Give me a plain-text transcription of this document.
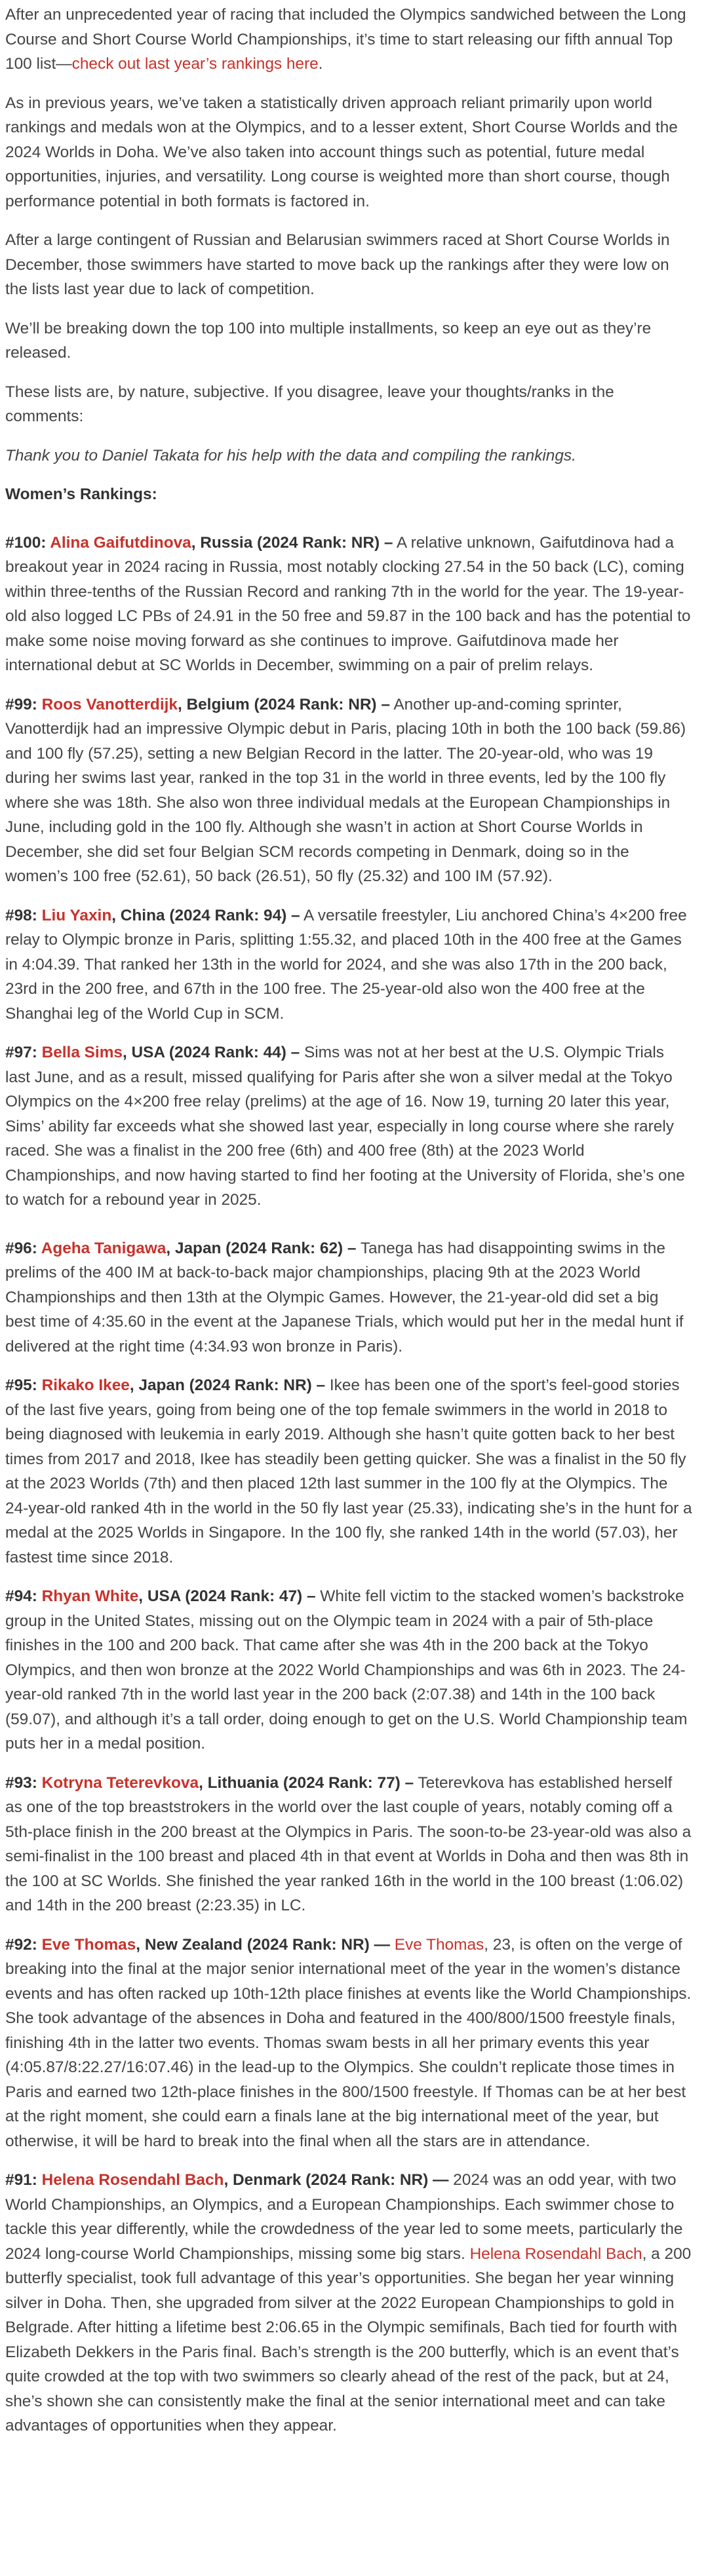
After an unprecedented year of racing that included the Olympics sandwiched between the Long Course and Short Course World Championships, it’s time to start releasing our fifth annual Top 100 list—check out last year’s rankings here.

As in previous years, we’ve taken a statistically driven approach reliant primarily upon world rankings and medals won at the Olympics, and to a lesser extent, Short Course Worlds and the 2024 Worlds in Doha. We’ve also taken into account things such as potential, future medal opportunities, injuries, and versatility. Long course is weighted more than short course, though performance potential in both formats is factored in.

After a large contingent of Russian and Belarusian swimmers raced at Short Course Worlds in December, those swimmers have started to move back up the rankings after they were low on the lists last year due to lack of competition.

We’ll be breaking down the top 100 into multiple installments, so keep an eye out as they’re released.

These lists are, by nature, subjective. If you disagree, leave your thoughts/ranks in the comments:

Thank you to Daniel Takata for his help with the data and compiling the rankings.

Women’s Rankings:

#100: Alina Gaifutdinova, Russia (2024 Rank: NR) – A relative unknown, Gaifutdinova had a breakout year in 2024 racing in Russia, most notably clocking 27.54 in the 50 back (LC), coming within three-tenths of the Russian Record and ranking 7th in the world for the year. The 19-year-old also logged LC PBs of 24.91 in the 50 free and 59.87 in the 100 back and has the potential to make some noise moving forward as she continues to improve. Gaifutdinova made her international debut at SC Worlds in December, swimming on a pair of prelim relays.

#99: Roos Vanotterdijk, Belgium (2024 Rank: NR) – Another up-and-coming sprinter, Vanotterdijk had an impressive Olympic debut in Paris, placing 10th in both the 100 back (59.86) and 100 fly (57.25), setting a new Belgian Record in the latter. The 20-year-old, who was 19 during her swims last year, ranked in the top 31 in the world in three events, led by the 100 fly where she was 18th. She also won three individual medals at the European Championships in June, including gold in the 100 fly. Although she wasn’t in action at Short Course Worlds in December, she did set four Belgian SCM records competing in Denmark, doing so in the women’s 100 free (52.61), 50 back (26.51), 50 fly (25.32) and 100 IM (57.92).

#98: Liu Yaxin, China (2024 Rank: 94) – A versatile freestyler, Liu anchored China’s 4×200 free relay to Olympic bronze in Paris, splitting 1:55.32, and placed 10th in the 400 free at the Games in 4:04.39. That ranked her 13th in the world for 2024, and she was also 17th in the 200 back, 23rd in the 200 free, and 67th in the 100 free. The 25-year-old also won the 400 free at the Shanghai leg of the World Cup in SCM.

#97: Bella Sims, USA (2024 Rank: 44) – Sims was not at her best at the U.S. Olympic Trials last June, and as a result, missed qualifying for Paris after she won a silver medal at the Tokyo Olympics on the 4×200 free relay (prelims) at the age of 16. Now 19, turning 20 later this year, Sims’ ability far exceeds what she showed last year, especially in long course where she rarely raced. She was a finalist in the 200 free (6th) and 400 free (8th) at the 2023 World Championships, and now having started to find her footing at the University of Florida, she’s one to watch for a rebound year in 2025.

#96: Ageha Tanigawa, Japan (2024 Rank: 62) – Tanega has had disappointing swims in the prelims of the 400 IM at back-to-back major championships, placing 9th at the 2023 World Championships and then 13th at the Olympic Games. However, the 21-year-old did set a big best time of 4:35.60 in the event at the Japanese Trials, which would put her in the medal hunt if delivered at the right time (4:34.93 won bronze in Paris).

#95: Rikako Ikee, Japan (2024 Rank: NR) – Ikee has been one of the sport’s feel-good stories of the last five years, going from being one of the top female swimmers in the world in 2018 to being diagnosed with leukemia in early 2019. Although she hasn’t quite gotten back to her best times from 2017 and 2018, Ikee has steadily been getting quicker. She was a finalist in the 50 fly at the 2023 Worlds (7th) and then placed 12th last summer in the 100 fly at the Olympics. The 24-year-old ranked 4th in the world in the 50 fly last year (25.33), indicating she’s in the hunt for a medal at the 2025 Worlds in Singapore. In the 100 fly, she ranked 14th in the world (57.03), her fastest time since 2018.

#94: Rhyan White, USA (2024 Rank: 47) – White fell victim to the stacked women’s backstroke group in the United States, missing out on the Olympic team in 2024 with a pair of 5th-place finishes in the 100 and 200 back. That came after she was 4th in the 200 back at the Tokyo Olympics, and then won bronze at the 2022 World Championships and was 6th in 2023. The 24-year-old ranked 7th in the world last year in the 200 back (2:07.38) and 14th in the 100 back (59.07), and although it’s a tall order, doing enough to get on the U.S. World Championship team puts her in a medal position.

#93: Kotryna Teterevkova, Lithuania (2024 Rank: 77) – Teterevkova has established herself as one of the top breaststrokers in the world over the last couple of years, notably coming off a 5th-place finish in the 200 breast at the Olympics in Paris. The soon-to-be 23-year-old was also a semi-finalist in the 100 breast and placed 4th in that event at Worlds in Doha and then was 8th in the 100 at SC Worlds. She finished the year ranked 16th in the world in the 100 breast (1:06.02) and 14th in the 200 breast (2:23.35) in LC.

#92: Eve Thomas, New Zealand (2024 Rank: NR) — Eve Thomas, 23, is often on the verge of breaking into the final at the major senior international meet of the year in the women’s distance events and has often racked up 10th-12th place finishes at events like the World Championships. She took advantage of the absences in Doha and featured in the 400/800/1500 freestyle finals, finishing 4th in the latter two events. Thomas swam bests in all her primary events this year (4:05.87/8:22.27/16:07.46) in the lead-up to the Olympics. She couldn’t replicate those times in Paris and earned two 12th-place finishes in the 800/1500 freestyle. If Thomas can be at her best at the right moment, she could earn a finals lane at the big international meet of the year, but otherwise, it will be hard to break into the final when all the stars are in attendance.

#91: Helena Rosendahl Bach, Denmark (2024 Rank: NR) — 2024 was an odd year, with two World Championships, an Olympics, and a European Championships. Each swimmer chose to tackle this year differently, while the crowdedness of the year led to some meets, particularly the 2024 long-course World Championships, missing some big stars. Helena Rosendahl Bach, a 200 butterfly specialist, took full advantage of this year’s opportunities. She began her year winning silver in Doha. Then, she upgraded from silver at the 2022 European Championships to gold in Belgrade. After hitting a lifetime best 2:06.65 in the Olympic semifinals, Bach tied for fourth with Elizabeth Dekkers in the Paris final. Bach’s strength is the 200 butterfly, which is an event that’s quite crowded at the top with two swimmers so clearly ahead of the rest of the pack, but at 24, she’s shown she can consistently make the final at the senior international meet and can take advantages of opportunities when they appear.
